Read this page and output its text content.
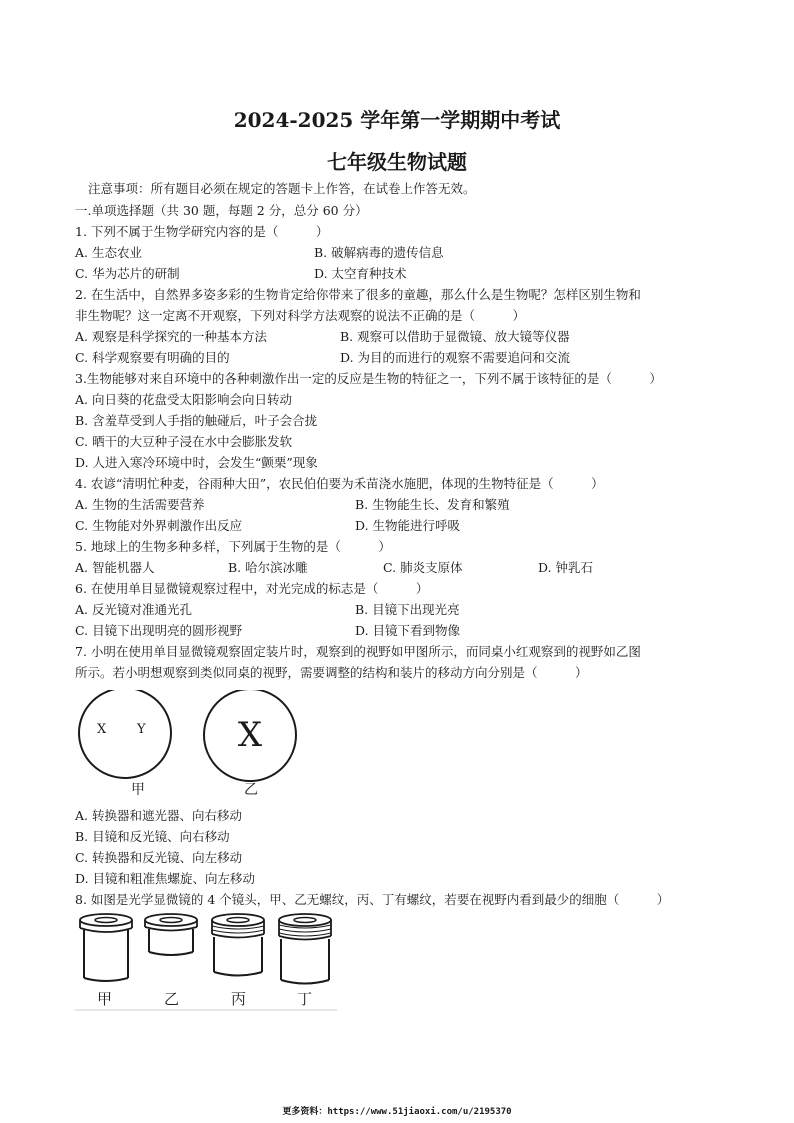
2024-2025 学年第一学期期中考试
七年级生物试题
注意事项：所有题目必须在规定的答题卡上作答，在试卷上作答无效。
一.单项选择题（共 30 题，每题 2 分，总分 60 分）
1. 下列不属于生物学研究内容的是（　　　）
A. 生态农业	B. 破解病毒的遗传信息
C. 华为芯片的研制	D. 太空育种技术
2. 在生活中，自然界多姿多彩的生物肯定给你带来了很多的童趣，那么什么是生物呢？怎样区别生物和
非生物呢？这一定离不开观察，下列对科学方法观察的说法不正确的是（　　　）
A. 观察是科学探究的一种基本方法	B. 观察可以借助于显微镜、放大镜等仪器
C. 科学观察要有明确的目的	D. 为目的而进行的观察不需要追问和交流
3.生物能够对来自环境中的各种刺激作出一定的反应是生物的特征之一，下列不属于该特征的是（　　　）
A. 向日葵的花盘受太阳影响会向日转动
B. 含羞草受到人手指的触碰后，叶子会合拢
C. 晒干的大豆种子浸在水中会膨胀发软
D. 人进入寒冷环境中时，会发生“颤栗”现象
4. 农谚“清明忙种麦，谷雨种大田”，农民伯伯要为禾苗浇水施肥，体现的生物特征是（　　　）
A. 生物的生活需要营养	B. 生物能生长、发育和繁殖
C. 生物能对外界刺激作出反应	D. 生物能进行呼吸
5. 地球上的生物多种多样，下列属于生物的是（　　　）
A. 智能机器人	B. 哈尔滨冰雕	C. 肺炎支原体	D. 钟乳石
6. 在使用单目显微镜观察过程中，对光完成的标志是（　　　）
A. 反光镜对准通光孔	B. 目镜下出现光亮
C. 目镜下出现明亮的圆形视野	D. 目镜下看到物像
7. 小明在使用单目显微镜观察固定装片时，观察到的视野如甲图所示，而同桌小红观察到的视野如乙图
所示。若小明想观察到类似同桌的视野，需要调整的结构和装片的移动方向分别是（　　　）
X Y	X
甲	乙
A. 转换器和遮光器、向右移动
B. 目镜和反光镜、向右移动
C. 转换器和反光镜、向左移动
D. 目镜和粗准焦螺旋、向左移动
8. 如图是光学显微镜的 4 个镜头，甲、乙无螺纹，丙、丁有螺纹，若要在视野内看到最少的细胞（　　　）
甲	乙	丙	丁
更多资料：https://www.51jiaoxi.com/u/2195370
